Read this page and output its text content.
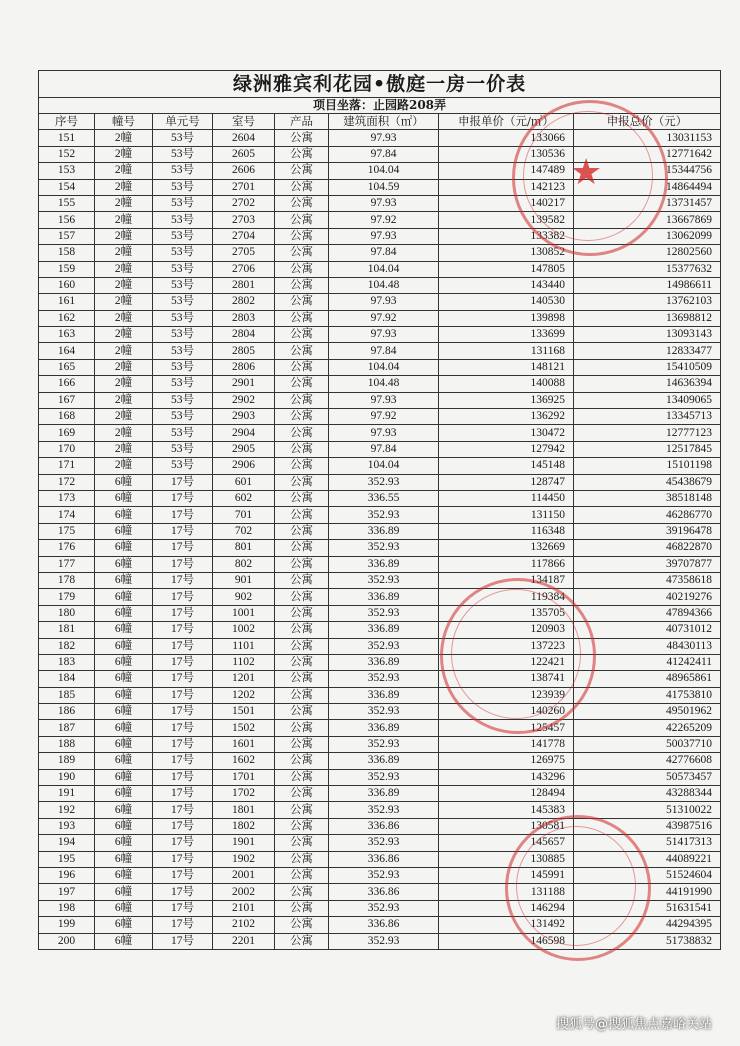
绿洲雅宾利花园•傲庭一房一价表							
项目坐落：止园路208弄							
序号	幢号	单元号	室号	产品	建筑面积（㎡）	申报单价（元/㎡）	申报总价（元）
151	2幢	53号	2604	公寓	97.93	133066	13031153
152	2幢	53号	2605	公寓	97.84	130536	12771642
153	2幢	53号	2606	公寓	104.04	147489	15344756
154	2幢	53号	2701	公寓	104.59	142123	14864494
155	2幢	53号	2702	公寓	97.93	140217	13731457
156	2幢	53号	2703	公寓	97.92	139582	13667869
157	2幢	53号	2704	公寓	97.93	133382	13062099
158	2幢	53号	2705	公寓	97.84	130852	12802560
159	2幢	53号	2706	公寓	104.04	147805	15377632
160	2幢	53号	2801	公寓	104.48	143440	14986611
161	2幢	53号	2802	公寓	97.93	140530	13762103
162	2幢	53号	2803	公寓	97.92	139898	13698812
163	2幢	53号	2804	公寓	97.93	133699	13093143
164	2幢	53号	2805	公寓	97.84	131168	12833477
165	2幢	53号	2806	公寓	104.04	148121	15410509
166	2幢	53号	2901	公寓	104.48	140088	14636394
167	2幢	53号	2902	公寓	97.93	136925	13409065
168	2幢	53号	2903	公寓	97.92	136292	13345713
169	2幢	53号	2904	公寓	97.93	130472	12777123
170	2幢	53号	2905	公寓	97.84	127942	12517845
171	2幢	53号	2906	公寓	104.04	145148	15101198
172	6幢	17号	601	公寓	352.93	128747	45438679
173	6幢	17号	602	公寓	336.55	114450	38518148
174	6幢	17号	701	公寓	352.93	131150	46286770
175	6幢	17号	702	公寓	336.89	116348	39196478
176	6幢	17号	801	公寓	352.93	132669	46822870
177	6幢	17号	802	公寓	336.89	117866	39707877
178	6幢	17号	901	公寓	352.93	134187	47358618
179	6幢	17号	902	公寓	336.89	119384	40219276
180	6幢	17号	1001	公寓	352.93	135705	47894366
181	6幢	17号	1002	公寓	336.89	120903	40731012
182	6幢	17号	1101	公寓	352.93	137223	48430113
183	6幢	17号	1102	公寓	336.89	122421	41242411
184	6幢	17号	1201	公寓	352.93	138741	48965861
185	6幢	17号	1202	公寓	336.89	123939	41753810
186	6幢	17号	1501	公寓	352.93	140260	49501962
187	6幢	17号	1502	公寓	336.89	125457	42265209
188	6幢	17号	1601	公寓	352.93	141778	50037710
189	6幢	17号	1602	公寓	336.89	126975	42776608
190	6幢	17号	1701	公寓	352.93	143296	50573457
191	6幢	17号	1702	公寓	336.89	128494	43288344
192	6幢	17号	1801	公寓	352.93	145383	51310022
193	6幢	17号	1802	公寓	336.86	130581	43987516
194	6幢	17号	1901	公寓	352.93	145657	51417313
195	6幢	17号	1902	公寓	336.86	130885	44089221
196	6幢	17号	2001	公寓	352.93	145991	51524604
197	6幢	17号	2002	公寓	336.86	131188	44191990
198	6幢	17号	2101	公寓	352.93	146294	51631541
199	6幢	17号	2102	公寓	336.86	131492	44294395
200	6幢	17号	2201	公寓	352.93	146598	51738832
★
搜狐号@搜狐焦点嘉峪关站
